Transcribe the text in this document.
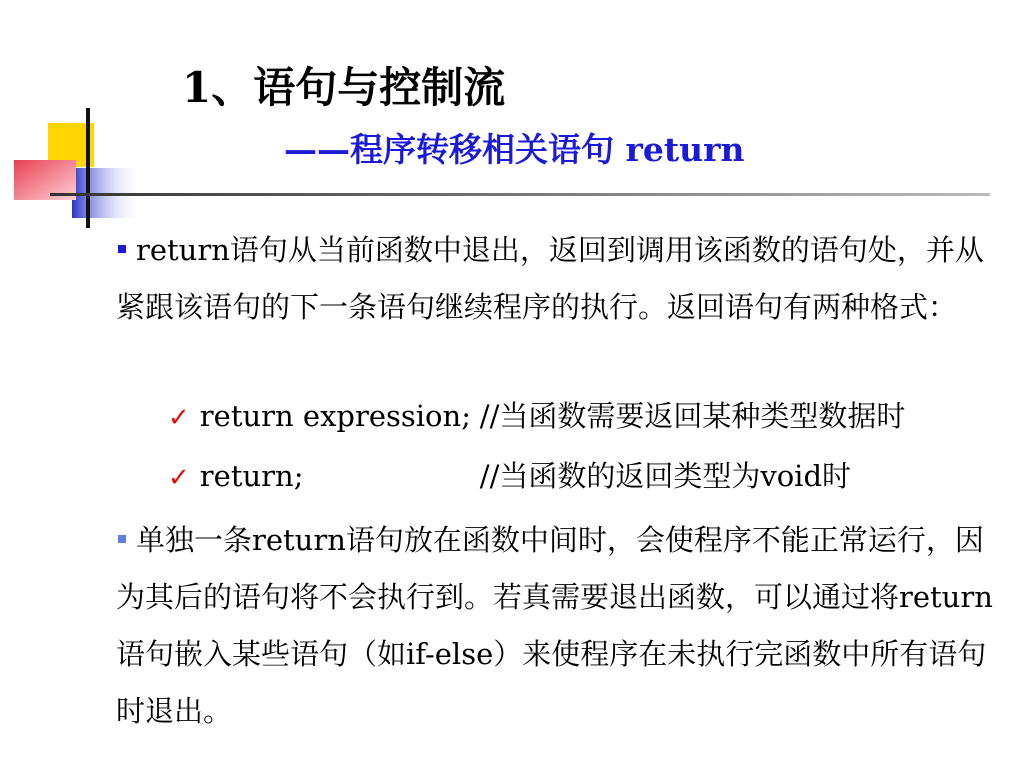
1、语句与控制流
——程序转移相关语句 return

return语句从当前函数中退出，返回到调用该函数的语句处，并从紧跟该语句的下一条语句继续程序的执行。返回语句有两种格式：

✓ return expression; //当函数需要返回某种类型数据时
✓ return;	//当函数的返回类型为void时

单独一条return语句放在函数中间时，会使程序不能正常运行，因为其后的语句将不会执行到。若真需要退出函数，可以通过将return语句嵌入某些语句（如if-else）来使程序在未执行完函数中所有语句时退出。
